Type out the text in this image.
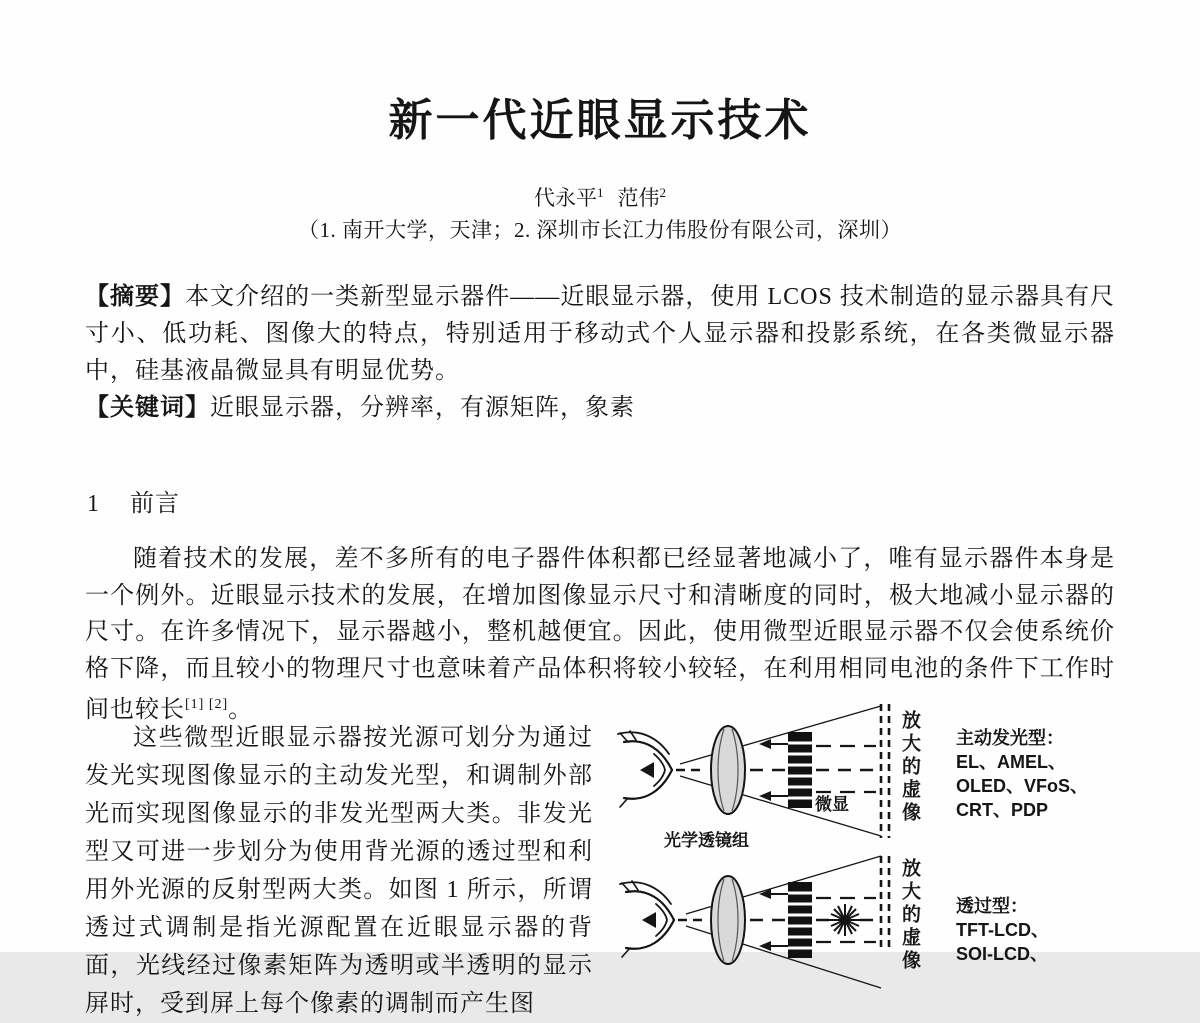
新一代近眼显示技术
代永平$^1$ 范伟$^2$
（1. 南开大学，天津；2. 深圳市长江力伟股份有限公司，深圳）

【摘要】本文介绍的一类新型显示器件——近眼显示器，使用 LCOS 技术制造的显示器具有尺寸小、低功耗、图像大的特点，特别适用于移动式个人显示器和投影系统，在各类微显示器中，硅基液晶微显具有明显优势。

【关键词】近眼显示器，分辨率，有源矩阵，象素

1 前言

随着技术的发展，差不多所有的电子器件体积都已经显著地减小了，唯有显示器件本身是一个例外。近眼显示技术的发展，在增加图像显示尺寸和清晰度的同时，极大地减小显示器的尺寸。在许多情况下，显示器越小，整机越便宜。因此，使用微型近眼显示器不仅会使系统价格下降，而且较小的物理尺寸也意味着产品体积将较小较轻，在利用相同电池的条件下工作时间也较长[1] [2]。

这些微型近眼显示器按光源可划分为通过发光实现图像显示的主动发光型，和调制外部光而实现图像显示的非发光型两大类。非发光型又可进一步划分为使用背光源的透过型和利用外光源的反射型两大类。如图 1 所示，所谓透过式调制是指光源配置在近眼显示器的背面，光线经过像素矩阵为透明或半透明的显示屏时，受到屏上每个像素的调制而产生图

微显
光学透镜组
放大的虚像
放大的虚像
主动发光型：
EL、AMEL、
OLED、VFoS、
CRT、PDP
透过型：
TFT-LCD、
SOI-LCD、
